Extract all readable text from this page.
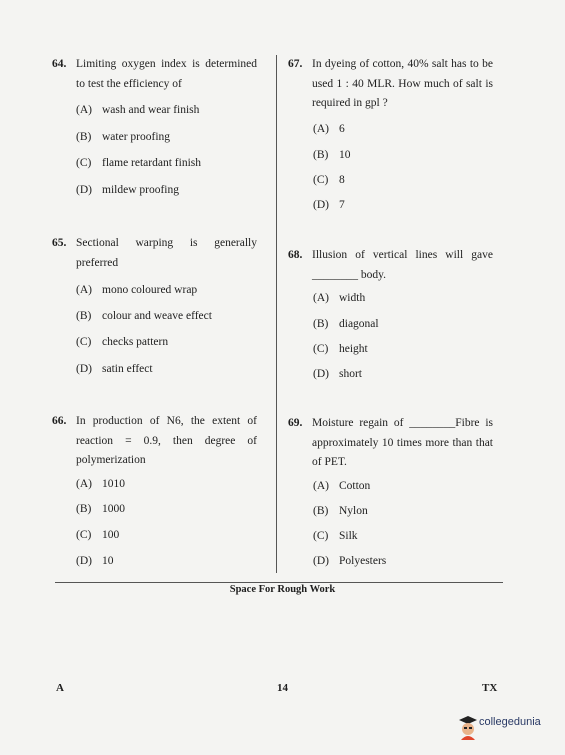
64. Limiting oxygen index is determined to test the efficiency of
(A) wash and wear finish
(B) water proofing
(C) flame retardant finish
(D) mildew proofing
65. Sectional warping is generally preferred
(A) mono coloured wrap
(B) colour and weave effect
(C) checks pattern
(D) satin effect
66. In production of N6, the extent of reaction = 0.9, then degree of polymerization
(A) 1010
(B) 1000
(C) 100
(D) 10
67. In dyeing of cotton, 40% salt has to be used 1 : 40 MLR. How much of salt is required in gpl ?
(A) 6
(B) 10
(C) 8
(D) 7
68. Illusion of vertical lines will gave ________ body.
(A) width
(B) diagonal
(C) height
(D) short
69. Moisture regain of ________Fibre is approximately 10 times more than that of PET.
(A) Cotton
(B) Nylon
(C) Silk
(D) Polyesters
Space For Rough Work
A	14	TX
collegedunia
